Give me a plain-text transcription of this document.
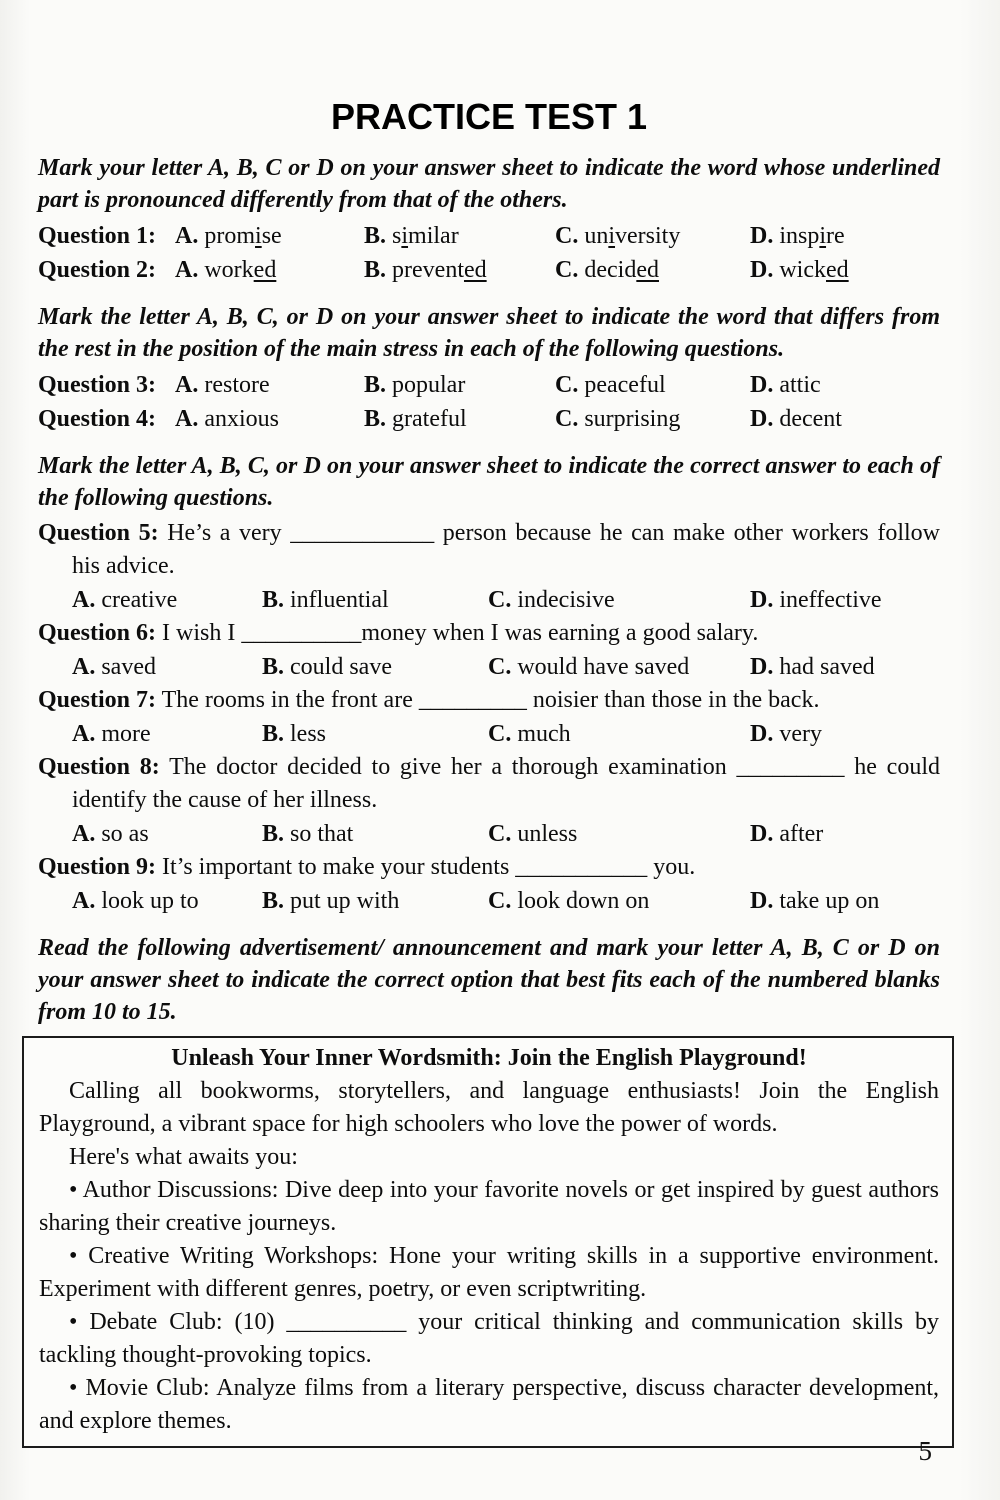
PRACTICE TEST 1

Mark your letter A, B, C or D on your answer sheet to indicate the word whose underlined part is pronounced differently from that of the others.

Question 1: A. promise	B. similar	C. university	D. inspire
Question 2: A. worked	B. prevented	C. decided	D. wicked

Mark the letter A, B, C, or D on your answer sheet to indicate the word that differs from the rest in the position of the main stress in each of the following questions.

Question 3: A. restore	B. popular	C. peaceful	D. attic
Question 4: A. anxious	B. grateful	C. surprising	D. decent

Mark the letter A, B, C, or D on your answer sheet to indicate the correct answer to each of the following questions.

Question 5: He’s a very ____________ person because he can make other workers follow his advice.

A. creative	B. influential	C. indecisive	D. ineffective

Question 6: I wish I __________money when I was earning a good salary.

A. saved	B. could save	C. would have saved	D. had saved

Question 7: The rooms in the front are _________ noisier than those in the back.

A. more	B. less	C. much	D. very

Question 8: The doctor decided to give her a thorough examination _________ he could identify the cause of her illness.

A. so as	B. so that	C. unless	D. after

Question 9: It’s important to make your students ___________ you.

A. look up to	B. put up with	C. look down on	D. take up on

Read the following advertisement/ announcement and mark your letter A, B, C or D on your answer sheet to indicate the correct option that best fits each of the numbered blanks from 10 to 15.

Unleash Your Inner Wordsmith: Join the English Playground!

Calling all bookworms, storytellers, and language enthusiasts! Join the English Playground, a vibrant space for high schoolers who love the power of words.

Here's what awaits you:

• Author Discussions: Dive deep into your favorite novels or get inspired by guest authors sharing their creative journeys.

• Creative Writing Workshops: Hone your writing skills in a supportive environment. Experiment with different genres, poetry, or even scriptwriting.

• Debate Club: (10) __________ your critical thinking and communication skills by tackling thought-provoking topics.

• Movie Club: Analyze films from a literary perspective, discuss character development, and explore themes.

5
